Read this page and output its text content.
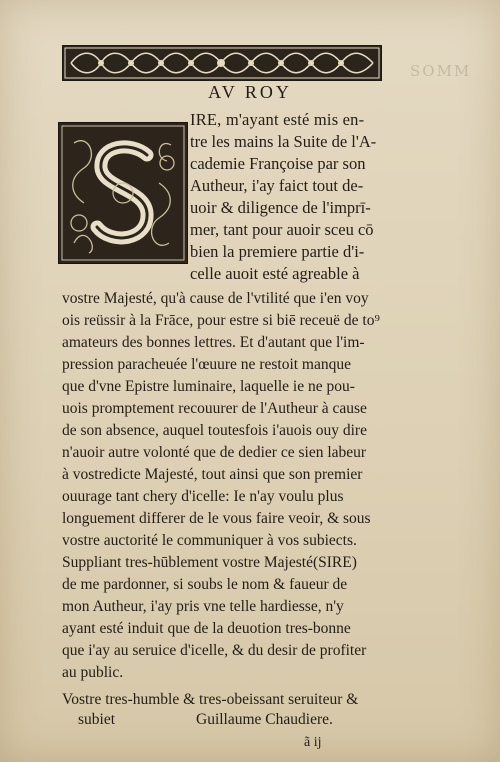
SOMM
AV ROY
IRE, m'ayant esté mis en-
tre les mains la Suite de l'A-
cademie Françoise par son
Autheur, i'ay faict tout de-
uoir & diligence de l'imprī-
mer, tant pour auoir sceu cō
bien la premiere partie d'i-
celle auoit esté agreable à
vostre Majesté, qu'à cause de l'vtilité que i'en voy
ois reüssir à la Frāce, pour estre si biē receuë de to⁹
amateurs des bonnes lettres. Et d'autant que l'im-
pression paracheuée l'œuure ne restoit manque
que d'vne Epistre luminaire, laquelle ie ne pou-
uois promptement recouurer de l'Autheur à cause
de son absence, auquel toutesfois i'auois ouy dire
n'auoir autre volonté que de dedier ce sien labeur
à vostredicte Majesté, tout ainsi que son premier
ouurage tant chery d'icelle: Ie n'ay voulu plus
longuement differer de le vous faire veoir, & sous
vostre auctorité le communiquer à vos subiects.
Suppliant tres-hūblement vostre Majesté(SIRE)
de me pardonner, si soubs le nom & faueur de
mon Autheur, i'ay pris vne telle hardiesse, n'y
ayant esté induit que de la deuotion tres-bonne
que i'ay au seruice d'icelle, & du desir de profiter
au public.
Vostre tres-humble & tres-obeissant seruiteur &
subiet	Guillaume Chaudiere.
ã ij
